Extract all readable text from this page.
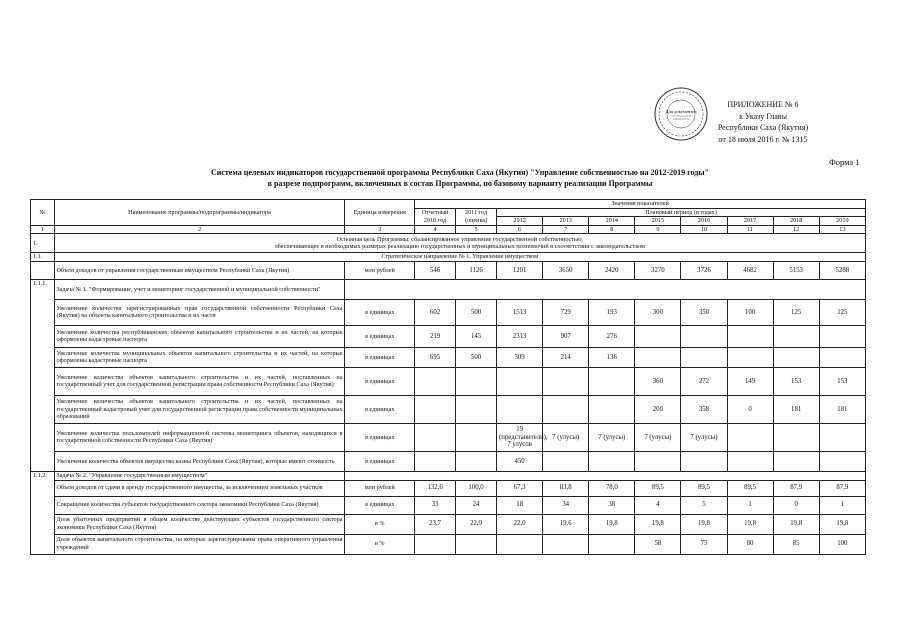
Для документов
ПРИЛОЖЕНИЕ № 6
к Указу Главы
Республики Саха (Якутия)
от 18 июля 2016 г. № 1315
Форма 1
Система целевых индикаторов государственной программы Республики Саха (Якутия) "Управление собственностью на 2012-2019 годы"
в разрезе подпрограмм, включенных в состав Программы, по базовому варианту реализации Программы
№	Наименование программы/подпрограммы/индикатора	Единица измерения	Значения показателей									
			Отчетный 2010 год	2011 год (оценка)	Плановый период (в годах)							
					2012	2013	2014	2015	2016	2017	2018	2019
1	2	3	4	5	6	7	8	9	10	11	12	13
1.	Основная цель Программы: сбалансированное управление государственной собственностью,
обеспечивающее в необходимых размерах реализацию государственных и муниципальных полномочий в соответствии с законодательством											

1.1.	Стратегическое направление № 1. Управление имуществом											
	Объем доходов от управления государственным имуществом Республики Саха (Якутия)	млн рублей	546	1126	1201	3650	2420	3270	3726	4682	5153	5288
1.1.1.	Задача № 1. "Формирование, учет и мониторинг государственной и муниципальной собственности"											
	Увеличение количества зарегистрированных прав государственной собственности Республики Саха (Якутия) на объекты капитального строительства и их части	в единицах	602	500	1513	729	193	300	350	100	125	125
	Увеличение количества республиканских объектов капитального строительства и их частей, на которые оформлены кадастровые паспорта	в единицах	219	145	2313	907	276					
	Увеличение количества муниципальных объектов капитального строительства и их частей, на которые оформлены кадастровые паспорта	в единицах	695	500	309	214	136					
	Увеличение количества объектов капитального строительства и их частей, поставленных на государственный учет для государственной регистрации права собственности Республики Саха (Якутия)	в единицах						360	272	149	153	153
	Увеличение количества объектов капитального строительства и их частей, поставленных на государственный кадастровый учет для государственной регистрации права собственности муниципальных образований	в единицах						200	358	0	181	181
	Увеличение количества пользователей информационной системы мониторинга объектов, находящихся в государственной собственности Республики Саха (Якутия)	в единицах			19 (представители), 7 улусов	7 (улусы)	7 (улусы)	7 (улусы)	7 (улусы)			
	Увеличение количества объектов имущества казны Республики Саха (Якутия), которые имеют стоимость	в единицах			450							
1.1.2.	Задача № 2. "Управление государственным имуществом"											
	Объем доходов от сдачи в аренду государственного имущества, за исключением земельных участков	млн рублей	132,6	100,0	67,3	83,8	78,0	89,5	89,5	89,5	87,9	87,9
	Сокращение количества субъектов государственного сектора экономики Республики Саха (Якутия)	в единицах	33	24	18	34	38	4	5	1	0	1
	Доля убыточных предприятий в общем количестве действующих субъектов государственного сектора экономики Республики Саха (Якутия)	в %	23,7	22,9	22,0	19,6	19,8	19,8	19,8	19,8	19,8	19,8
	Доля объектов капитального строительства, на которые зарегистрированы права оперативного управления учреждений	в %						58	75	80	85	100
